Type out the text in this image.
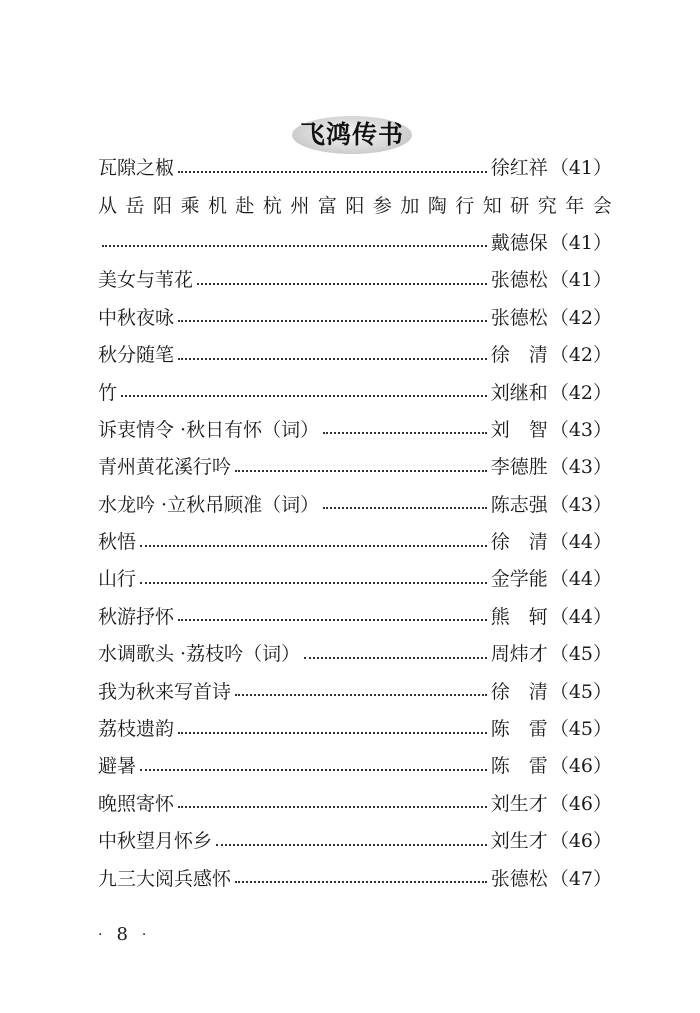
飞鸿传书
瓦隙之椒	徐红祥 （41）
从 岳 阳 乘 机 赴 杭 州 富 阳 参 加 陶 行 知 研 究 年 会
戴德保 （41）
美女与苇花	张德松 （41）
中秋夜咏	张德松 （42）
秋分随笔	徐　清 （42）
竹	刘继和 （42）
诉衷情令 ·秋日有怀（词）	刘　智 （43）
青州黄花溪行吟	李德胜 （43）
水龙吟 ·立秋吊顾准（词）	陈志强 （43）
秋悟	徐　清 （44）
山行	金学能 （44）
秋游抒怀	熊　轲 （44）
水调歌头 ·荔枝吟（词）	周炜才 （45）
我为秋来写首诗	徐　清 （45）
荔枝遗韵	陈　雷 （45）
避暑	陈　雷 （46）
晚照寄怀	刘生才 （46）
中秋望月怀乡	刘生才 （46）
九三大阅兵感怀	张德松 （47）
· 8 ·
